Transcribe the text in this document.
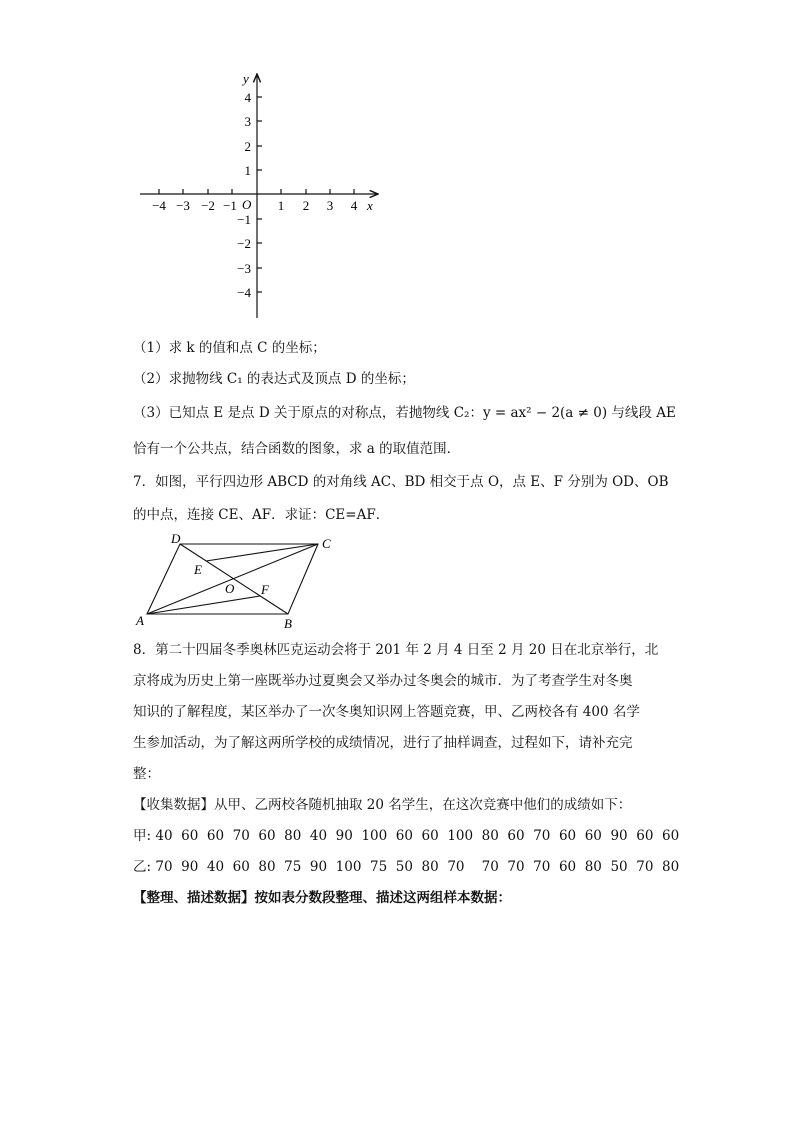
y
x
O
−4 −3 −2 −1	1 2 3 4
4
3
2
1
−1
−2
−3
−4
（1）求 k 的值和点 C 的坐标；
（2）求抛物线 C₁ 的表达式及顶点 D 的坐标；
（3）已知点 E 是点 D 关于原点的对称点，若抛物线 C₂：y = ax² − 2(a ≠ 0) 与线段 AE
恰有一个公共点，结合函数的图象，求 a 的取值范围．
7．如图，平行四边形 ABCD 的对角线 AC、BD 相交于点 O，点 E、F 分别为 OD、OB
的中点，连接 CE、AF．求证：CE=AF．
D	C
E
O F
A	B
8．第二十四届冬季奥林匹克运动会将于 201 年 2 月 4 日至 2 月 20 日在北京举行，北
京将成为历史上第一座既举办过夏奥会又举办过冬奥会的城市．为了考查学生对冬奥
知识的了解程度，某区举办了一次冬奥知识网上答题竞赛，甲、乙两校各有 400 名学
生参加活动，为了解这两所学校的成绩情况，进行了抽样调查，过程如下，请补充完
整：
【收集数据】从甲、乙两校各随机抽取 20 名学生，在这次竞赛中他们的成绩如下：
甲: 40  60  60  70  60  80  40  90  100  60  60  100  80  60  70  60  60  90  60  60
乙: 70  90  40  60  80  75  90  100  75  50  80  70    70  70  70  60  80  50  70  80
【整理、描述数据】按如表分数段整理、描述这两组样本数据：
